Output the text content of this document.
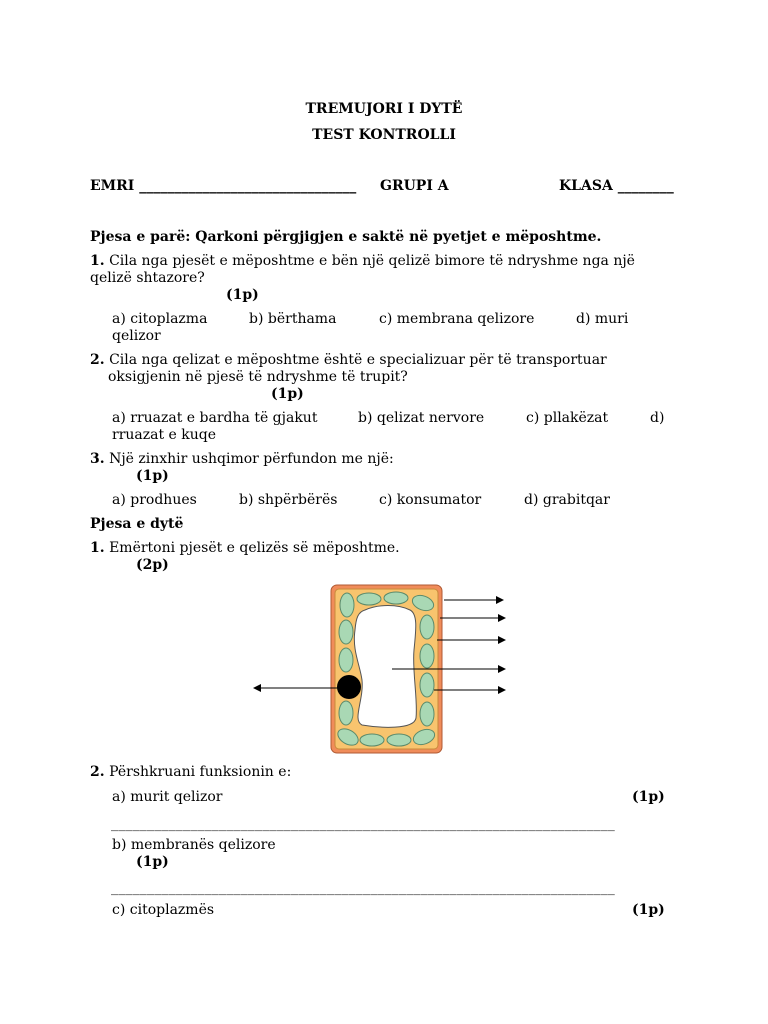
TREMUJORI I DYTË
TEST KONTROLLI
EMRI _______________________________ GRUPI A	KLASA ________
Pjesa e parë: Qarkoni përgjigjen e saktë në pyetjet e mëposhtme.
1. Cila nga pjesët e mëposhtme e bën një qelizë bimore të ndryshme nga një
qelizë shtazore?
(1p)
a) citoplazma	b) bërthama	c) membrana qelizore	d) muri
qelizor
2. Cila nga qelizat e mëposhtme është e specializuar për të transportuar
oksigjenin në pjesë të ndryshme të trupit?
(1p)
a) rruazat e bardha të gjakut	b) qelizat nervore	c) pllakëzat	d)
rruazat e kuqe
3. Një zinxhir ushqimor përfundon me një:
(1p)
a) prodhues	b) shpërbërës	c) konsumator	d) grabitqar
Pjesa e dytë
1. Emërtoni pjesët e qelizës së mëposhtme.
(2p)
2. Përshkruani funksionin e:
a) murit qelizor	(1p)
______________________________________________________________________
b) membranës qelizore
(1p)
______________________________________________________________________
c) citoplazmës	(1p)
